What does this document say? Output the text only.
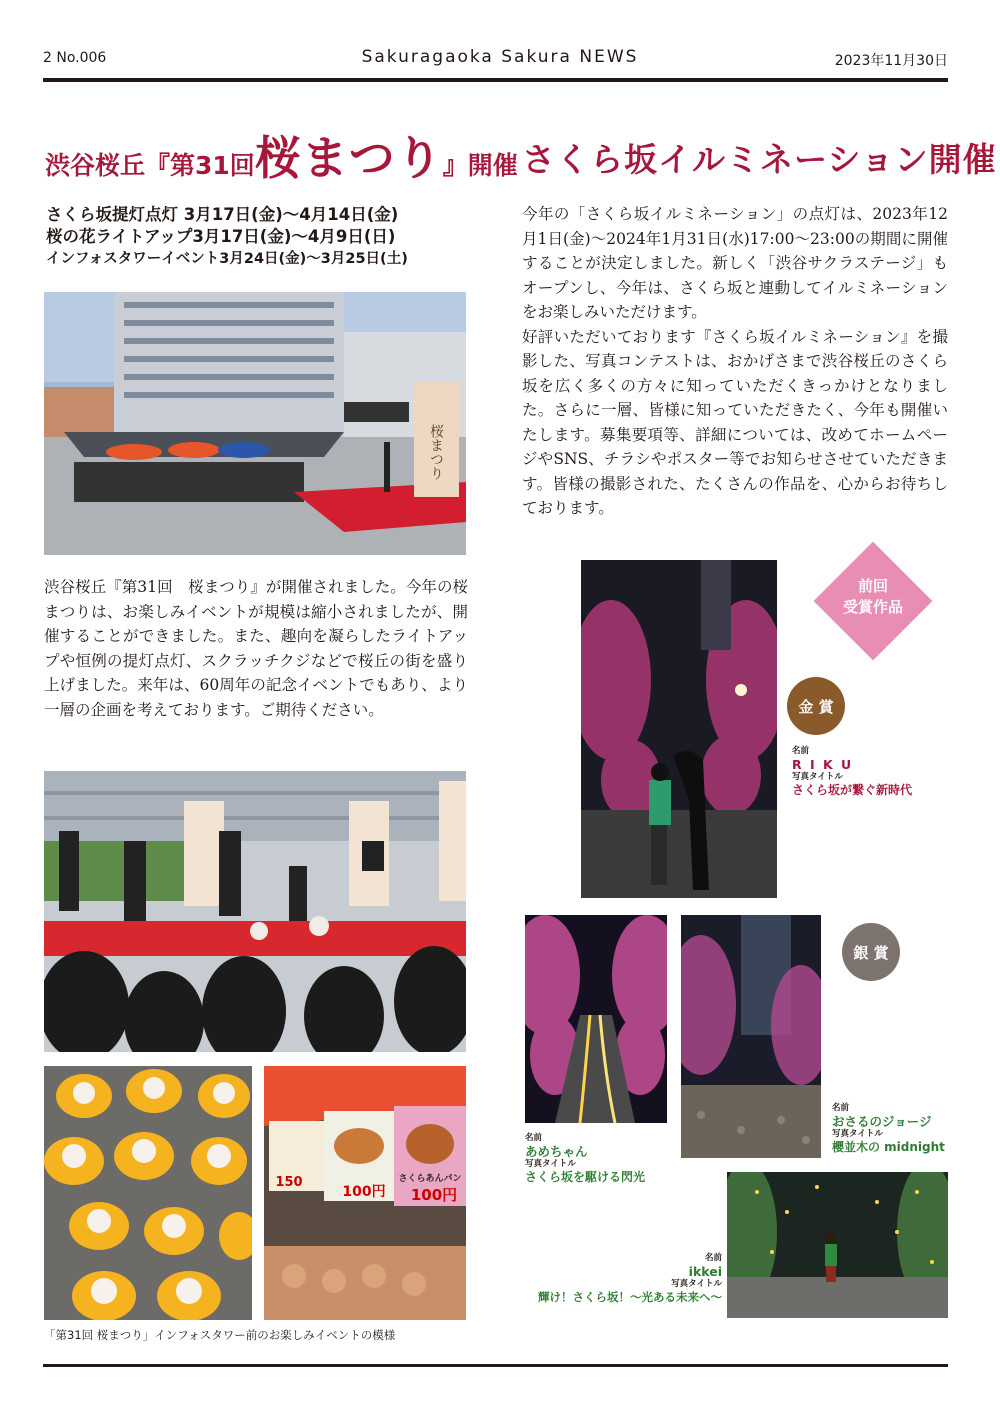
2 No.006	Sakuragaoka Sakura NEWS	2023年11月30日
渋谷桜丘『第31回 桜まつり 』開催
さくら坂提灯点灯 3月17日(金)～4月14日(金)
桜の花ライトアップ3月17日(金)～4月9日(日)
インフォスタワーイベント3月24日(金)～3月25日(土)
桜まつり
渋谷桜丘『第31回　桜まつり』が開催されました。今年の桜まつりは、お楽しみイベントが規模は縮小されましたが、開催することができました。また、趣向を凝らしたライトアップや恒例の提灯点灯、スクラッチクジなどで桜丘の街を盛り上げました。来年は、60周年の記念イベントでもあり、より一層の企画を考えております。ご期待ください。
さくらあんパン
100円
100円
150
「第31回 桜まつり」インフォスタワー前のお楽しみイベントの模様
さくら坂イルミネーション開催
今年の「さくら坂イルミネーション」の点灯は、2023年12月1日(金)～2024年1月31日(水)17:00～23:00の期間に開催することが決定しました。新しく「渋谷サクラステージ」もオープンし、今年は、さくら坂と連動してイルミネーションをお楽しみいただけます。
好評いただいております『さくら坂イルミネーション』を撮影した、写真コンテストは、おかげさまで渋谷桜丘のさくら坂を広く多くの方々に知っていただくきっかけとなりました。さらに一層、皆様に知っていただきたく、今年も開催いたします。募集要項等、詳細については、改めてホームページやSNS、チラシやポスター等でお知らせさせていただきます。皆様の撮影された、たくさんの作品を、心からお待ちしております。
前回
受賞作品
金 賞
名前
R I K U
写真タイトル
さくら坂が繋ぐ新時代
銀 賞
名前
あめちゃん
写真タイトル
さくら坂を駆ける閃光
名前
おさるのジョージ
写真タイトル
櫻並木の midnight
名前
ikkei
写真タイトル
輝け！さくら坂！～光ある未来へ～
